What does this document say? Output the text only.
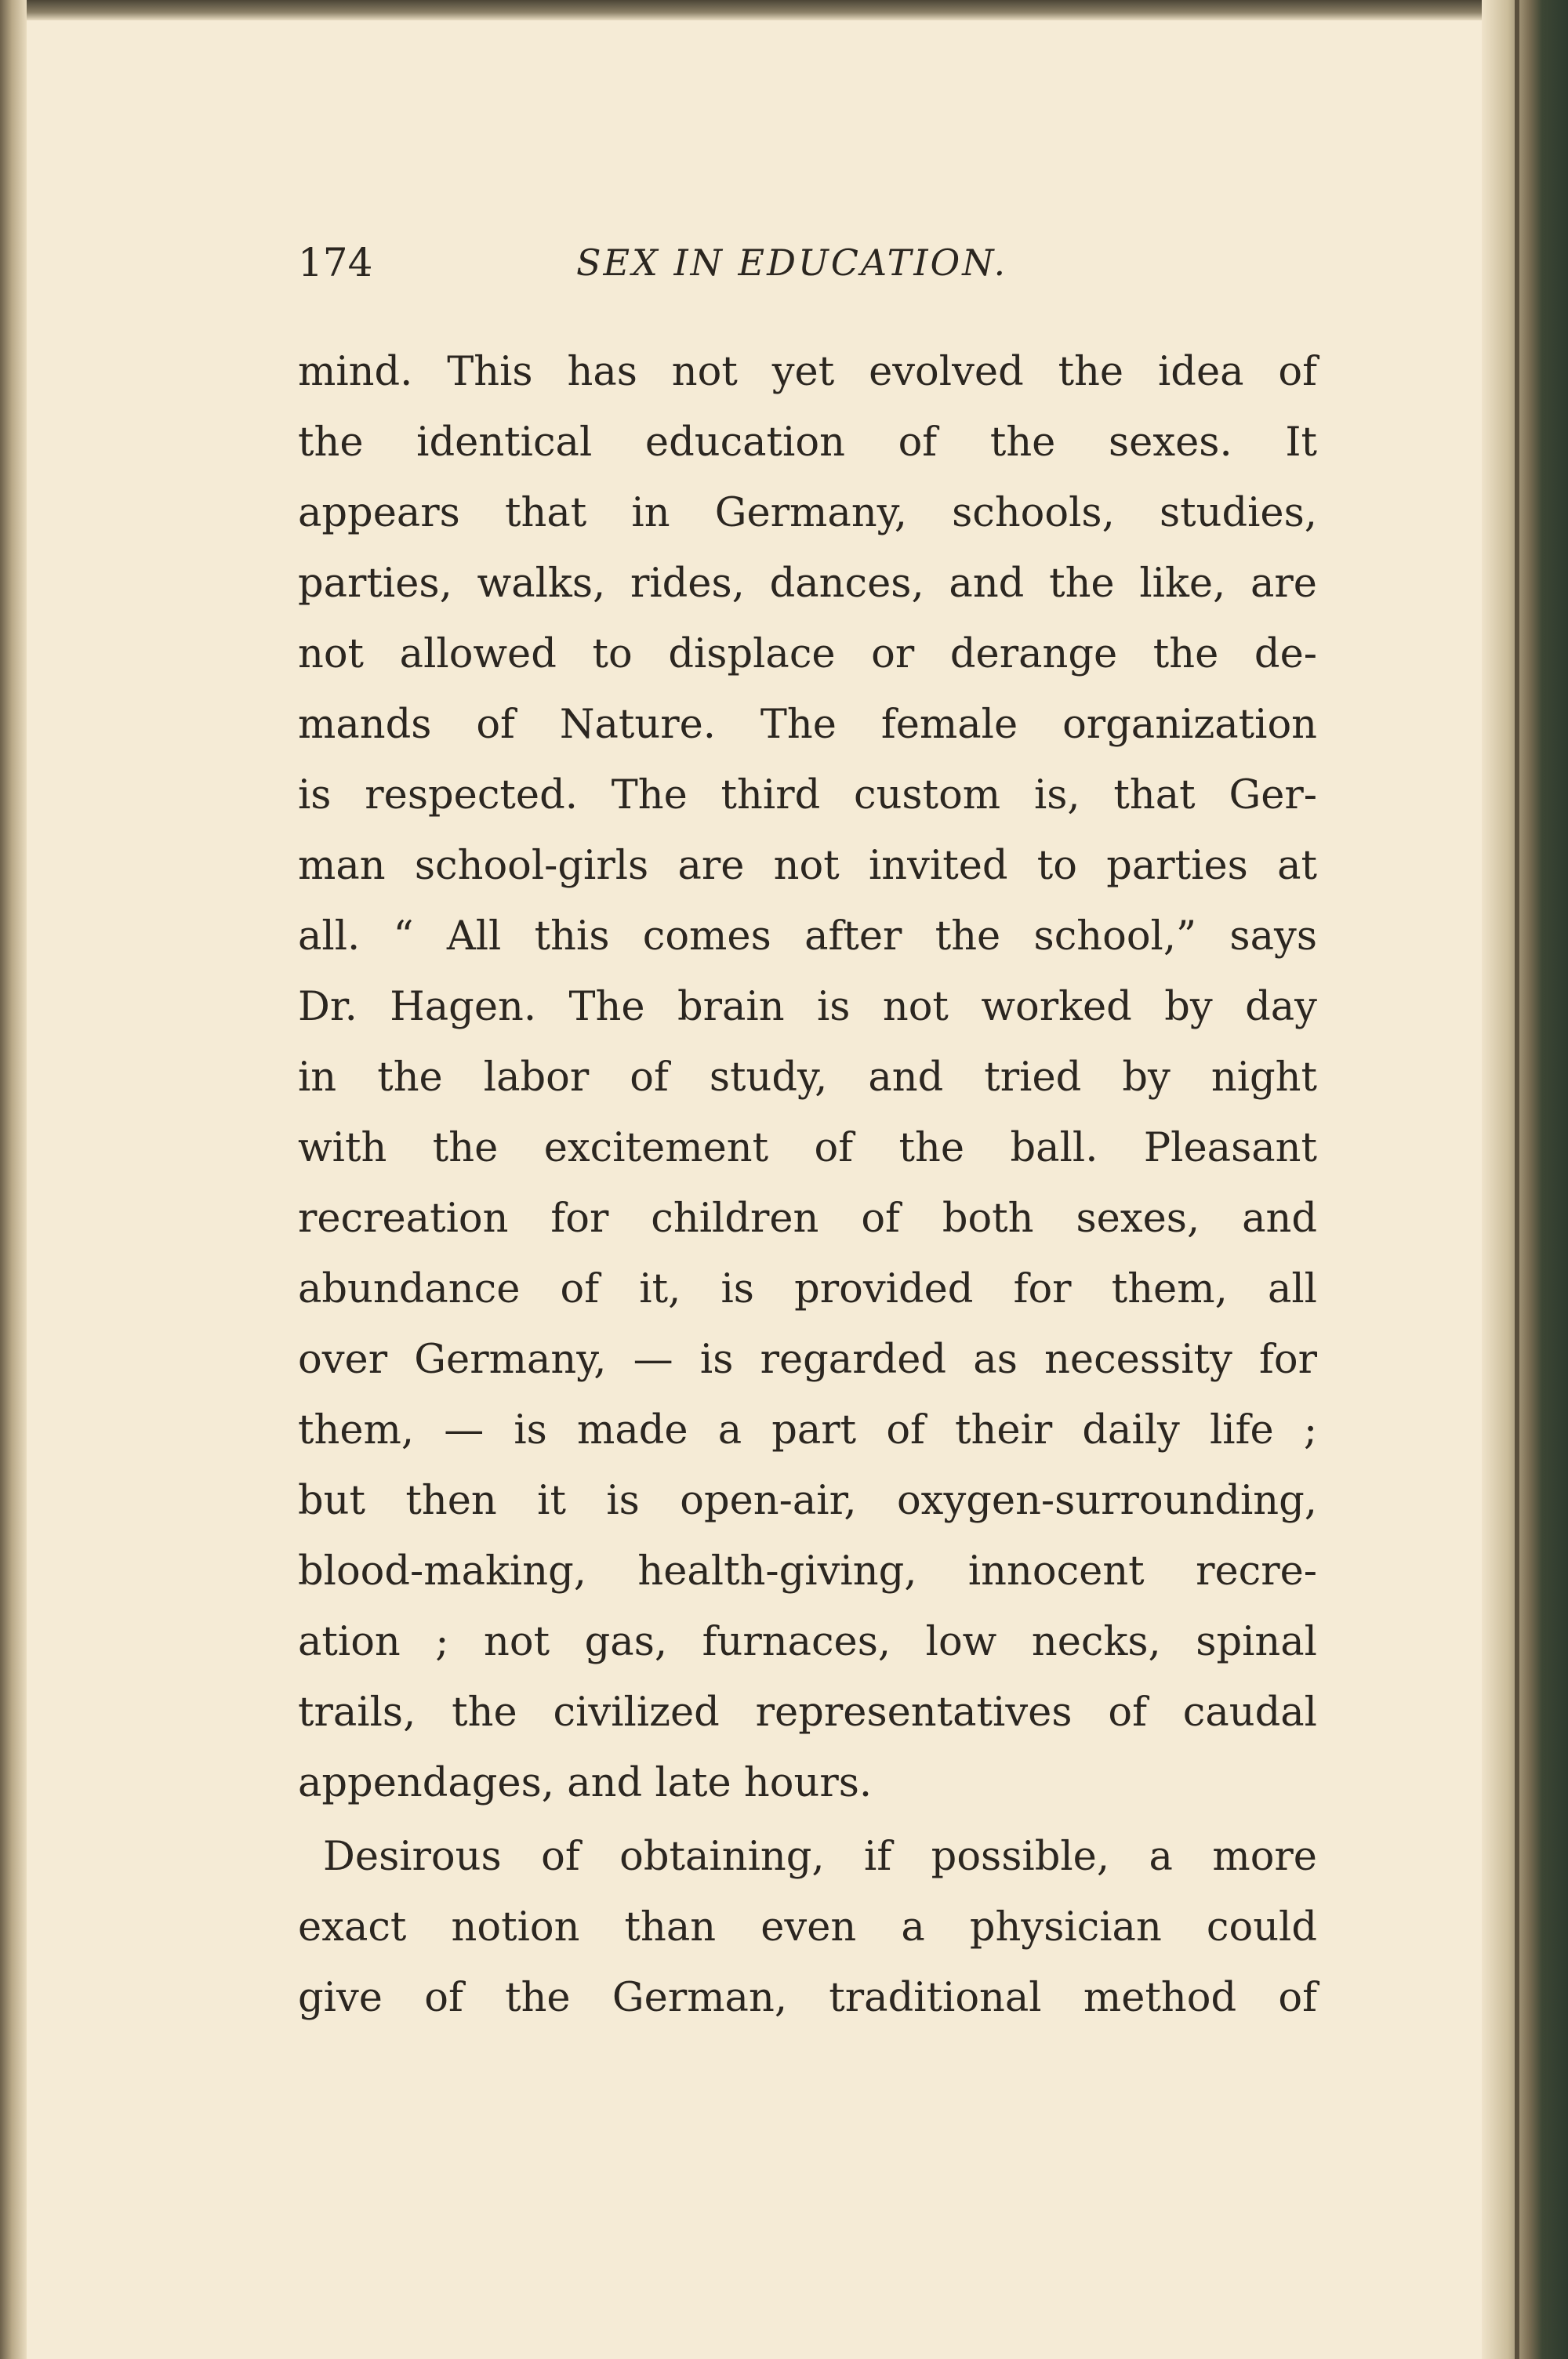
174	SEX IN EDUCATION.
mind. This has not yet evolved the idea of
the identical education of the sexes. It
appears that in Germany, schools, studies,
parties, walks, rides, dances, and the like, are
not allowed to displace or derange the de-
mands of Nature. The female organization
is respected. The third custom is, that Ger-
man school-girls are not invited to parties at
all. “ All this comes after the school,” says
Dr. Hagen. The brain is not worked by day
in the labor of study, and tried by night
with the excitement of the ball. Pleasant
recreation for children of both sexes, and
abundance of it, is provided for them, all
over Germany, — is regarded as necessity for
them, — is made a part of their daily life ;
but then it is open-air, oxygen-surrounding,
blood-making, health-giving, innocent recre-
ation ; not gas, furnaces, low necks, spinal
trails, the civilized representatives of caudal
appendages, and late hours.
Desirous of obtaining, if possible, a more
exact notion than even a physician could
give of the German, traditional method of
